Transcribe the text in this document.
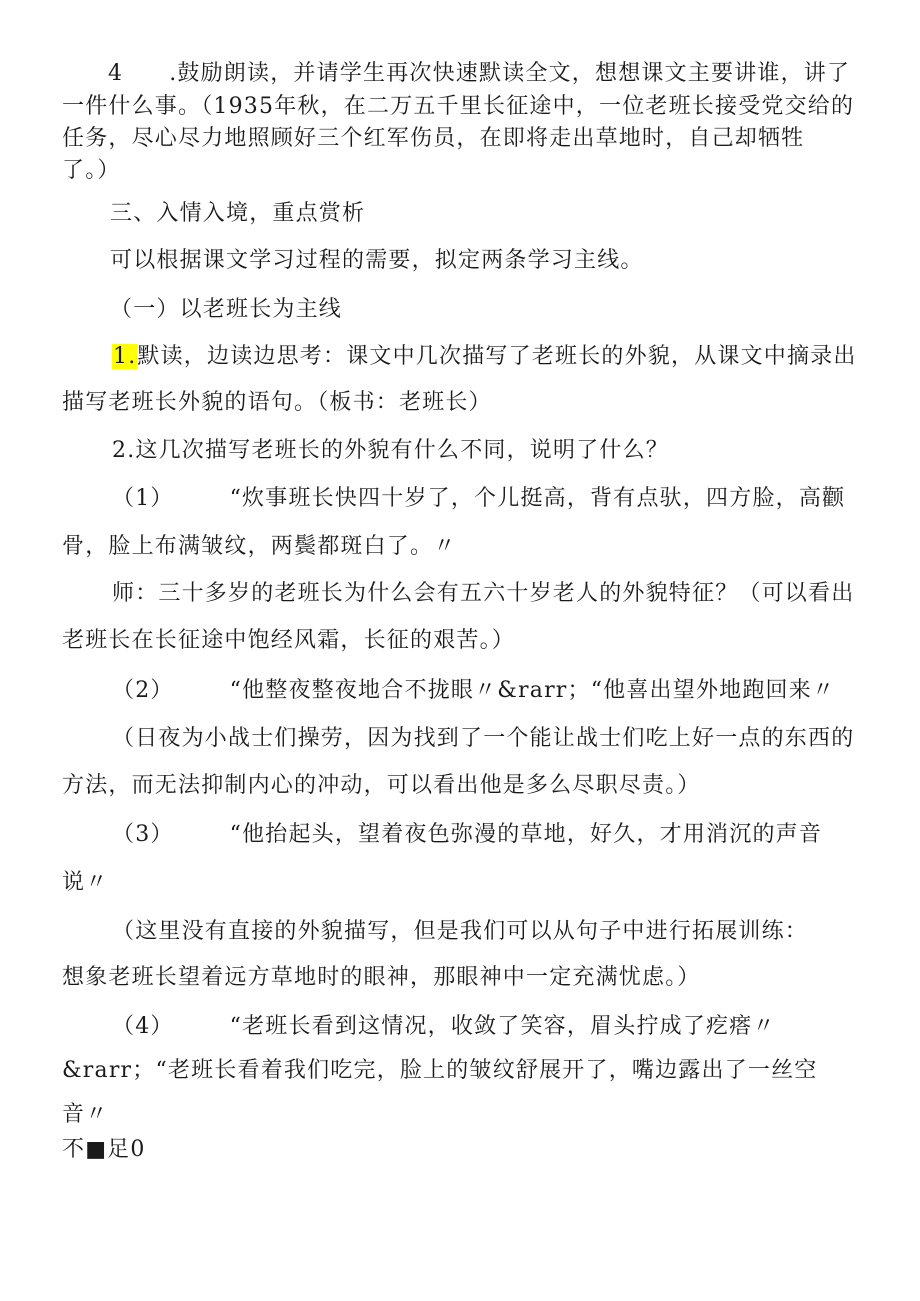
4 .鼓励朗读，并请学生再次快速默读全文，想想课文主要讲谁，讲了
一件什么事。（1935年秋，在二万五千里长征途中，一位老班长接受党交给的
任务，尽心尽力地照顾好三个红军伤员，在即将走出草地时，自己却牺牲
了。）
三、入情入境，重点赏析
可以根据课文学习过程的需要，拟定两条学习主线。
（一）以老班长为主线
1.默读，边读边思考：课文中几次描写了老班长的外貌，从课文中摘录出
描写老班长外貌的语句。（板书：老班长）
2.这几次描写老班长的外貌有什么不同，说明了什么？
（1）	“炊事班长快四十岁了，个儿挺高，背有点驮，四方脸，高颧
骨，脸上布满皱纹，两鬓都斑白了。〃
师：三十多岁的老班长为什么会有五六十岁老人的外貌特征？（可以看出
老班长在长征途中饱经风霜，长征的艰苦。）
（2）	“他整夜整夜地合不拢眼〃&rarr；“他喜出望外地跑回来〃
（日夜为小战士们操劳，因为找到了一个能让战士们吃上好一点的东西的
方法，而无法抑制内心的冲动，可以看出他是多么尽职尽责。）
（3）	“他抬起头，望着夜色弥漫的草地，好久，才用消沉的声音
说〃
（这里没有直接的外貌描写，但是我们可以从句子中进行拓展训练：
想象老班长望着远方草地时的眼神，那眼神中一定充满忧虑。）
（4）	“老班长看到这情况，收敛了笑容，眉头拧成了疙瘩〃
&rarr；“老班长看着我们吃完，脸上的皱纹舒展开了，嘴边露出了一丝空
音〃
不■足0
